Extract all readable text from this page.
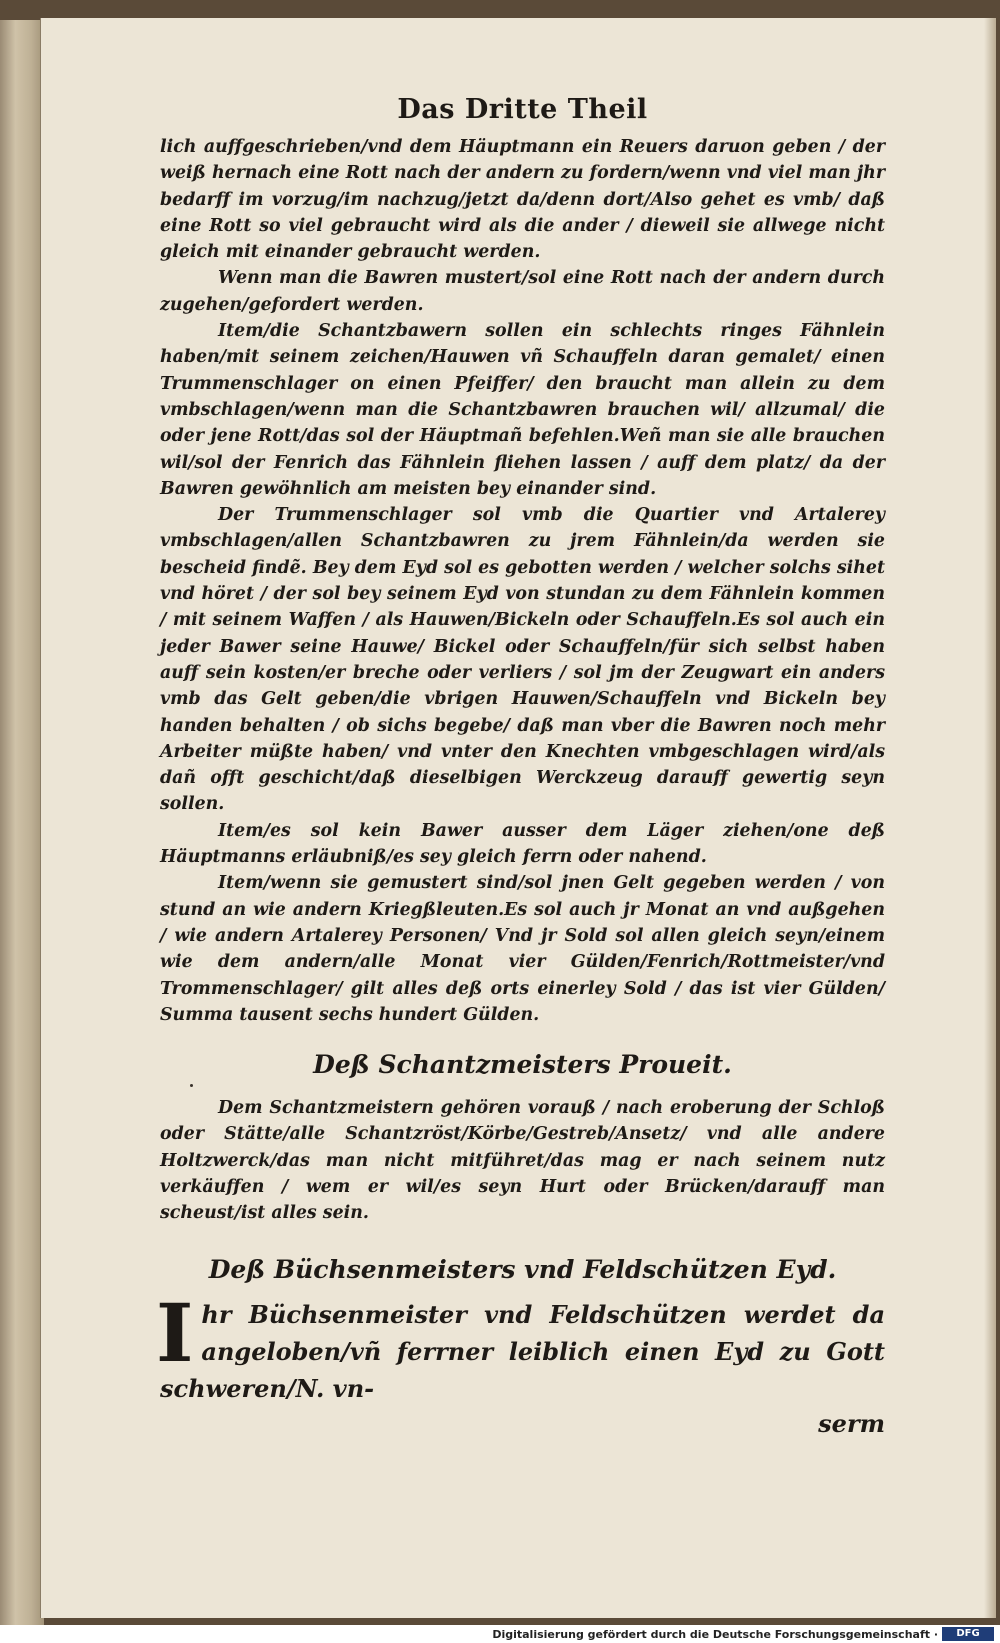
Das Dritte Theil

lich auffgeschrieben/vnd dem Häuptmann ein Reuers daruon geben / der weiß hernach eine Rott nach der andern zu fordern/wenn vnd viel man jhr bedarff im vorzug/im nachzug/jetzt da/denn dort/Also gehet es vmb/ daß eine Rott so viel gebraucht wird als die ander / dieweil sie allwege nicht gleich mit einander gebraucht werden.

Wenn man die Bawren mustert/sol eine Rott nach der andern durch zugehen/gefordert werden.

Item/die Schantzbawern sollen ein schlechts ringes Fähnlein haben/mit seinem zeichen/Hauwen vñ Schauffeln daran gemalet/ einen Trummenschlager on einen Pfeiffer/ den braucht man allein zu dem vmbschlagen/wenn man die Schantzbawren brauchen wil/ allzumal/ die oder jene Rott/das sol der Häuptmañ befehlen.Weñ man sie alle brauchen wil/sol der Fenrich das Fähnlein fliehen lassen / auff dem platz/ da der Bawren gewöhnlich am meisten bey einander sind.

Der Trummenschlager sol vmb die Quartier vnd Artalerey vmbschlagen/allen Schantzbawren zu jrem Fähnlein/da werden sie bescheid findẽ. Bey dem Eyd sol es gebotten werden / welcher solchs sihet vnd höret / der sol bey seinem Eyd von stundan zu dem Fähnlein kommen / mit seinem Waffen / als Hauwen/Bickeln oder Schauffeln.Es sol auch ein jeder Bawer seine Hauwe/ Bickel oder Schauffeln/für sich selbst haben auff sein kosten/er breche oder verliers / sol jm der Zeugwart ein anders vmb das Gelt geben/die vbrigen Hauwen/Schauffeln vnd Bickeln bey handen behalten / ob sichs begebe/ daß man vber die Bawren noch mehr Arbeiter müßte haben/ vnd vnter den Knechten vmbgeschlagen wird/als dañ offt geschicht/daß dieselbigen Werckzeug darauff gewertig seyn sollen.

Item/es sol kein Bawer ausser dem Läger ziehen/one deß Häuptmanns erläubniß/es sey gleich ferrn oder nahend.

Item/wenn sie gemustert sind/sol jnen Gelt gegeben werden / von stund an wie andern Kriegßleuten.Es sol auch jr Monat an vnd außgehen / wie andern Artalerey Personen/ Vnd jr Sold sol allen gleich seyn/einem wie dem andern/alle Monat vier Gülden/Fenrich/Rottmeister/vnd Trommenschlager/ gilt alles deß orts einerley Sold / das ist vier Gülden/ Summa tausent sechs hundert Gülden.

Deß Schantzmeisters Proueit.

Dem Schantzmeistern gehören vorauß / nach eroberung der Schloß oder Stätte/alle Schantzröst/Körbe/Gestreb/Ansetz/ vnd alle andere Holtzwerck/das man nicht mitführet/das mag er nach seinem nutz verkäuffen / wem er wil/es seyn Hurt oder Brücken/darauff man scheust/ist alles sein.

Deß Büchsenmeisters vnd Feldschützen Eyd.

Ihr Büchsenmeister vnd Feldschützen werdet da angeloben/vñ ferrner leiblich einen Eyd zu Gott schweren/N. vn-

serm
Digitalisierung gefördert durch die Deutsche Forschungsgemeinschaft ·	DFG
